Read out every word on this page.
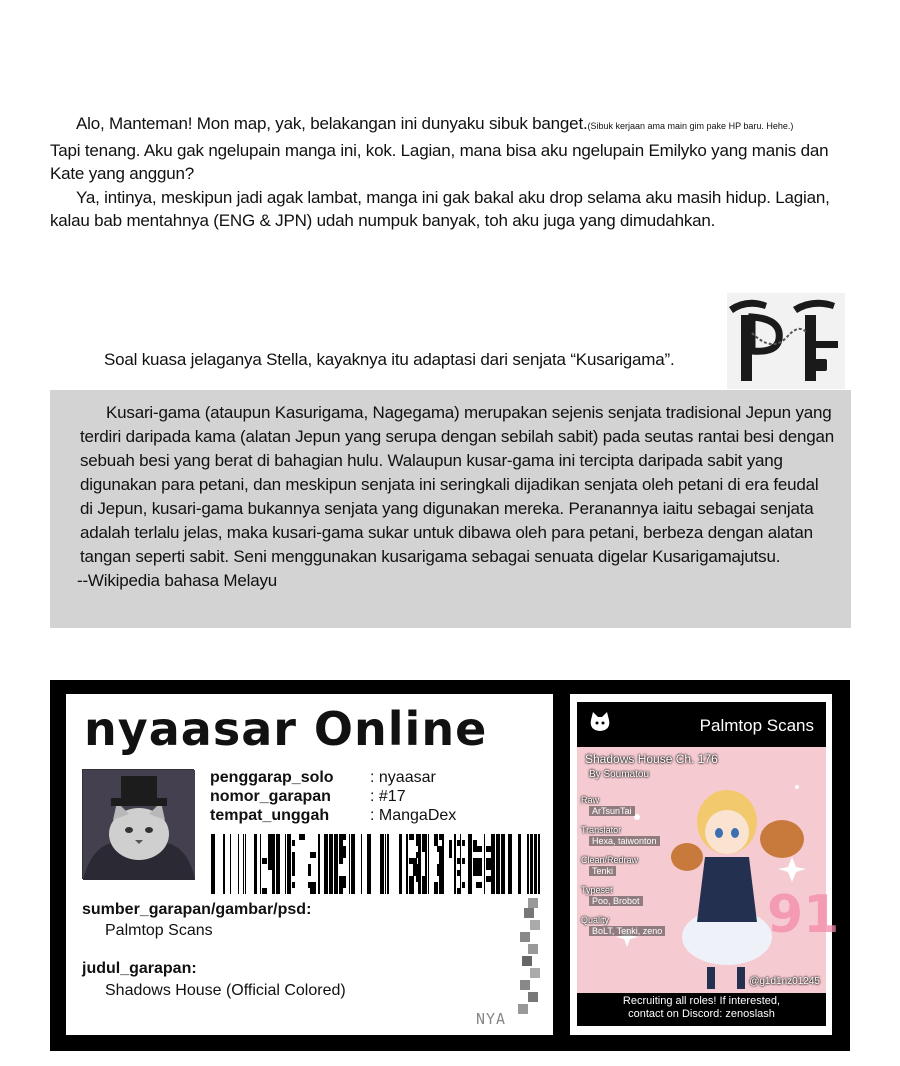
Alo, Manteman! Mon map, yak, belakangan ini dunyaku sibuk banget.(Sibuk kerjaan ama main gim pake HP baru. Hehe.)

Tapi tenang. Aku gak ngelupain manga ini, kok. Lagian, mana bisa aku ngelupain Emilyko yang manis dan Kate yang anggun?

Ya, intinya, meskipun jadi agak lambat, manga ini gak bakal aku drop selama aku masih hidup. Lagian, kalau bab mentahnya (ENG & JPN) udah numpuk banyak, toh aku juga yang dimudahkan.

Soal kuasa jelaganya Stella, kayaknya itu adaptasi dari senjata “Kusarigama”.

Kusari-gama (ataupun Kasurigama, Nagegama) merupakan sejenis senjata tradisional Jepun yang terdiri daripada kama (alatan Jepun yang serupa dengan sebilah sabit) pada seutas rantai besi dengan sebuah besi yang berat di bahagian hulu. Walaupun kusar-gama ini tercipta daripada sabit yang digunakan para petani, dan meskipun senjata ini seringkali dijadikan senjata oleh petani di era feudal di Jepun, kusari-gama bukannya senjata yang digunakan mereka. Peranannya iaitu sebagai senjata adalah terlalu jelas, maka kusari-gama sukar untuk dibawa oleh para petani, berbeza dengan alatan tangan seperti sabit. Seni menggunakan kusarigama sebagai senuata digelar Kusarigamajutsu.

--Wikipedia bahasa Melayu

nyaasar Online
penggarap_solo	: nyaasar
nomor_garapan	: #17
tempat_unggah	: MangaDex
sumber_garapan/gambar/psd:
Palmtop Scans
judul_garapan:
Shadows House (Official Colored)
NYA
Palmtop Scans
91
Shadows House Ch. 176
By Soumatou
Raw
ArTsunTai
Translator
Hexa, taiwonton
Clean/Redraw
Tenki
Typeset
Poo, Brobot
Quality
BoLT, Tenki, zeno
@g1d1nz01245
Recruiting all roles! If interested,
contact on Discord: zenoslash
